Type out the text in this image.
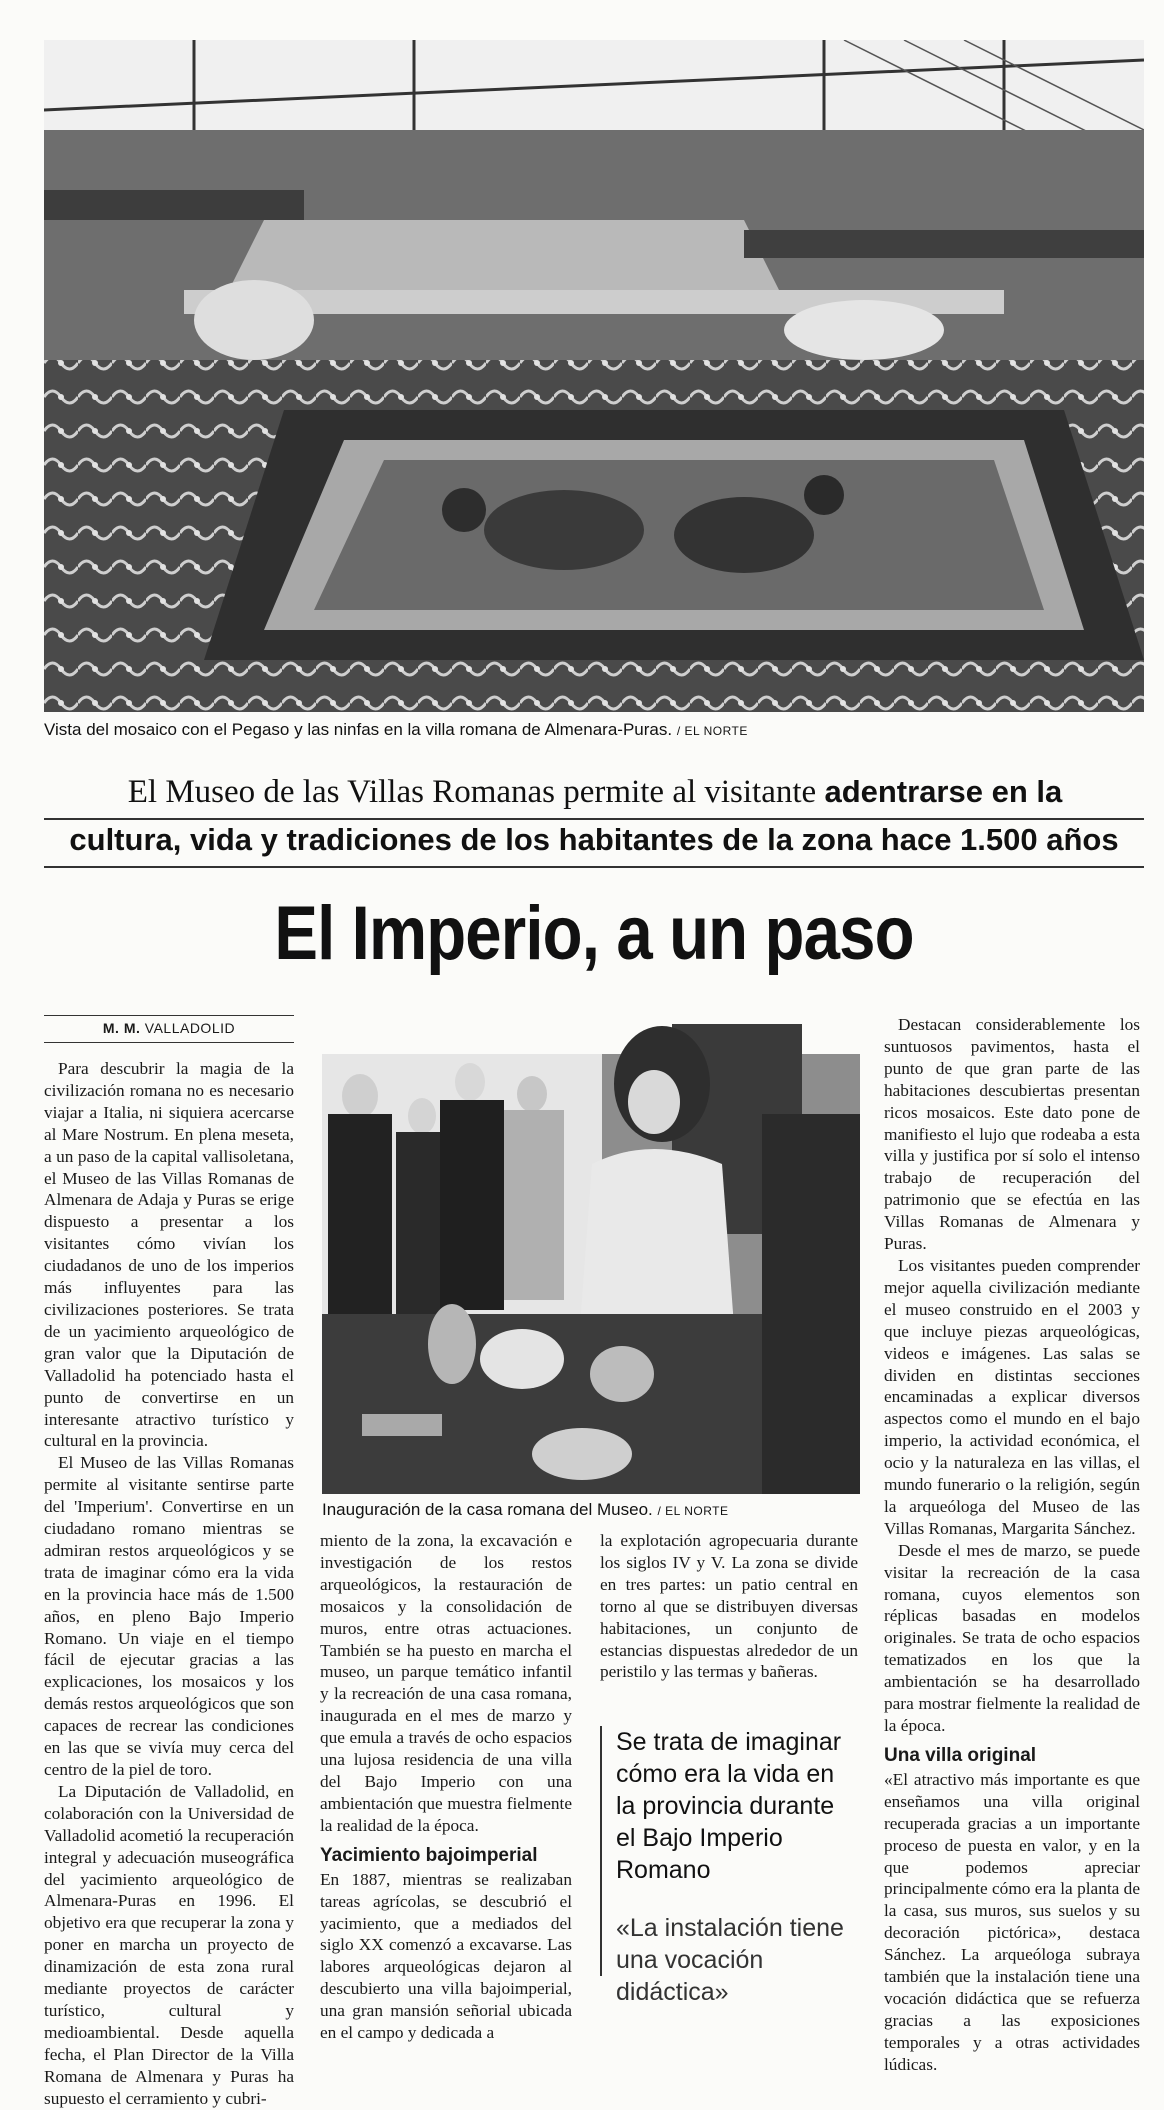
Vista del mosaico con el Pegaso y las ninfas en la villa romana de Almenara-Puras. / EL NORTE
El Museo de las Villas Romanas permite al visitante adentrarse en la
cultura, vida y tradiciones de los habitantes de la zona hace 1.500 años
El Imperio, a un paso
M. M. VALLADOLID

Para descubrir la magia de la civilización romana no es necesario viajar a Italia, ni siquiera acercarse al Mare Nostrum. En plena meseta, a un paso de la capital vallisoletana, el Museo de las Villas Romanas de Almenara de Adaja y Puras se erige dispuesto a presentar a los visitantes cómo vivían los ciudadanos de uno de los imperios más influyentes para las civilizaciones posteriores. Se trata de un yacimiento arqueológico de gran valor que la Diputación de Valladolid ha potenciado hasta el punto de convertirse en un interesante atractivo turístico y cultural en la provincia.

El Museo de las Villas Romanas permite al visitante sentirse parte del 'Imperium'. Convertirse en un ciudadano romano mientras se admiran restos arqueológicos y se trata de imaginar cómo era la vida en la provincia hace más de 1.500 años, en pleno Bajo Imperio Romano. Un viaje en el tiempo fácil de ejecutar gracias a las explicaciones, los mosaicos y los demás restos arqueológicos que son capaces de recrear las condiciones en las que se vivía muy cerca del centro de la piel de toro.

La Diputación de Valladolid, en colaboración con la Universidad de Valladolid acometió la recuperación integral y adecuación museográfica del yacimiento arqueológico de Almenara-Puras en 1996. El objetivo era que recuperar la zona y poner en marcha un proyecto de dinamización de esta zona rural mediante proyectos de carácter turístico, cultural y medioambiental. Desde aquella fecha, el Plan Director de la Villa Romana de Almenara y Puras ha supuesto el cerramiento y cubri-

Inauguración de la casa romana del Museo. / EL NORTE

miento de la zona, la excavación e investigación de los restos arqueológicos, la restauración de mosaicos y la consolidación de muros, entre otras actuaciones. También se ha puesto en marcha el museo, un parque temático infantil y la recreación de una casa romana, inaugurada en el mes de marzo y que emula a través de ocho espacios una lujosa residencia de una villa del Bajo Imperio con una ambientación que muestra fielmente la realidad de la época.

Yacimiento bajoimperial

En 1887, mientras se realizaban tareas agrícolas, se descubrió el yacimiento, que a mediados del siglo XX comenzó a excavarse. Las labores arqueológicas dejaron al descubierto una villa bajoimperial, una gran mansión señorial ubicada en el campo y dedicada a

la explotación agropecuaria durante los siglos IV y V. La zona se divide en tres partes: un patio central en torno al que se distribuyen diversas habitaciones, un conjunto de estancias dispuestas alrededor de un peristilo y las termas y bañeras.

Se trata de imaginar cómo era la vida en la provincia durante el Bajo Imperio Romano
«La instalación tiene una vocación didáctica»

Destacan considerablemente los suntuosos pavimentos, hasta el punto de que gran parte de las habitaciones descubiertas presentan ricos mosaicos. Este dato pone de manifiesto el lujo que rodeaba a esta villa y justifica por sí solo el intenso trabajo de recuperación del patrimonio que se efectúa en las Villas Romanas de Almenara y Puras.

Los visitantes pueden comprender mejor aquella civilización mediante el museo construido en el 2003 y que incluye piezas arqueológicas, videos e imágenes. Las salas se dividen en distintas secciones encaminadas a explicar diversos aspectos como el mundo en el bajo imperio, la actividad económica, el ocio y la naturaleza en las villas, el mundo funerario o la religión, según la arqueóloga del Museo de las Villas Romanas, Margarita Sánchez.

Desde el mes de marzo, se puede visitar la recreación de la casa romana, cuyos elementos son réplicas basadas en modelos originales. Se trata de ocho espacios tematizados en los que la ambientación se ha desarrollado para mostrar fielmente la realidad de la época.

Una villa original

«El atractivo más importante es que enseñamos una villa original recuperada gracias a un importante proceso de puesta en valor, y en la que podemos apreciar principalmente cómo era la planta de la casa, sus muros, sus suelos y su decoración pictórica», destaca Sánchez. La arqueóloga subraya también que la instalación tiene una vocación didáctica que se refuerza gracias a las exposiciones temporales y a otras actividades lúdicas.
